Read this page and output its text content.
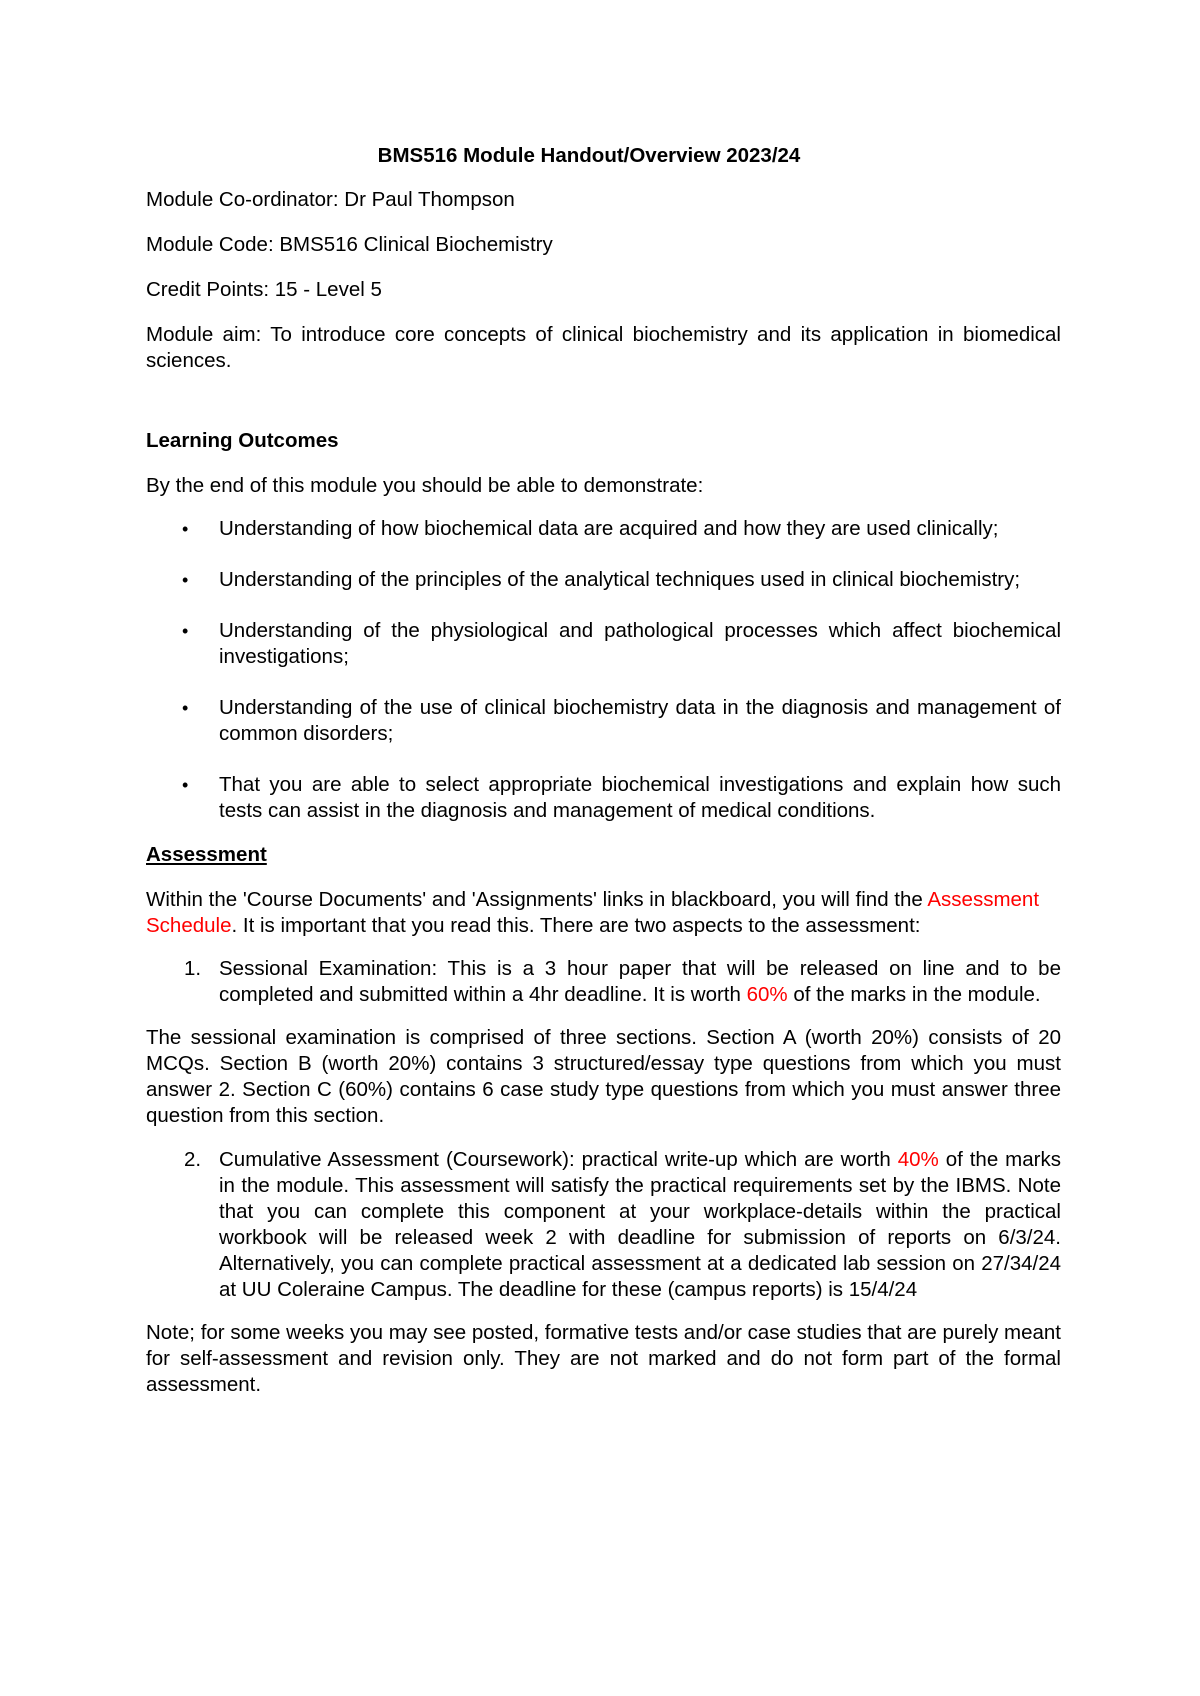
BMS516 Module Handout/Overview 2023/24

Module Co-ordinator: Dr Paul Thompson

Module Code: BMS516 Clinical Biochemistry

Credit Points: 15 - Level 5

Module aim: To introduce core concepts of clinical biochemistry and its application in biomedical sciences.

Learning Outcomes

By the end of this module you should be able to demonstrate:

• Understanding of how biochemical data are acquired and how they are used clinically;
• Understanding of the principles of the analytical techniques used in clinical biochemistry;
• Understanding of the physiological and pathological processes which affect biochemical investigations;
• Understanding of the use of clinical biochemistry data in the diagnosis and management of common disorders;
• That you are able to select appropriate biochemical investigations and explain how such tests can assist in the diagnosis and management of medical conditions.

Assessment

Within the 'Course Documents' and 'Assignments' links in blackboard, you will find the Assessment Schedule. It is important that you read this. There are two aspects to the assessment:

1. Sessional Examination: This is a 3 hour paper that will be released on line and to be completed and submitted within a 4hr deadline. It is worth 60% of the marks in the module.

The sessional examination is comprised of three sections. Section A (worth 20%) consists of 20 MCQs. Section B (worth 20%) contains 3 structured/essay type questions from which you must answer 2. Section C (60%) contains 6 case study type questions from which you must answer three question from this section.

2. Cumulative Assessment (Coursework): practical write-up which are worth 40% of the marks in the module. This assessment will satisfy the practical requirements set by the IBMS. Note that you can complete this component at your workplace-details within the practical workbook will be released week 2 with deadline for submission of reports on 6/3/24. Alternatively, you can complete practical assessment at a dedicated lab session on 27/34/24 at UU Coleraine Campus. The deadline for these (campus reports) is 15/4/24

Note; for some weeks you may see posted, formative tests and/or case studies that are purely meant for self-assessment and revision only. They are not marked and do not form part of the formal assessment.
